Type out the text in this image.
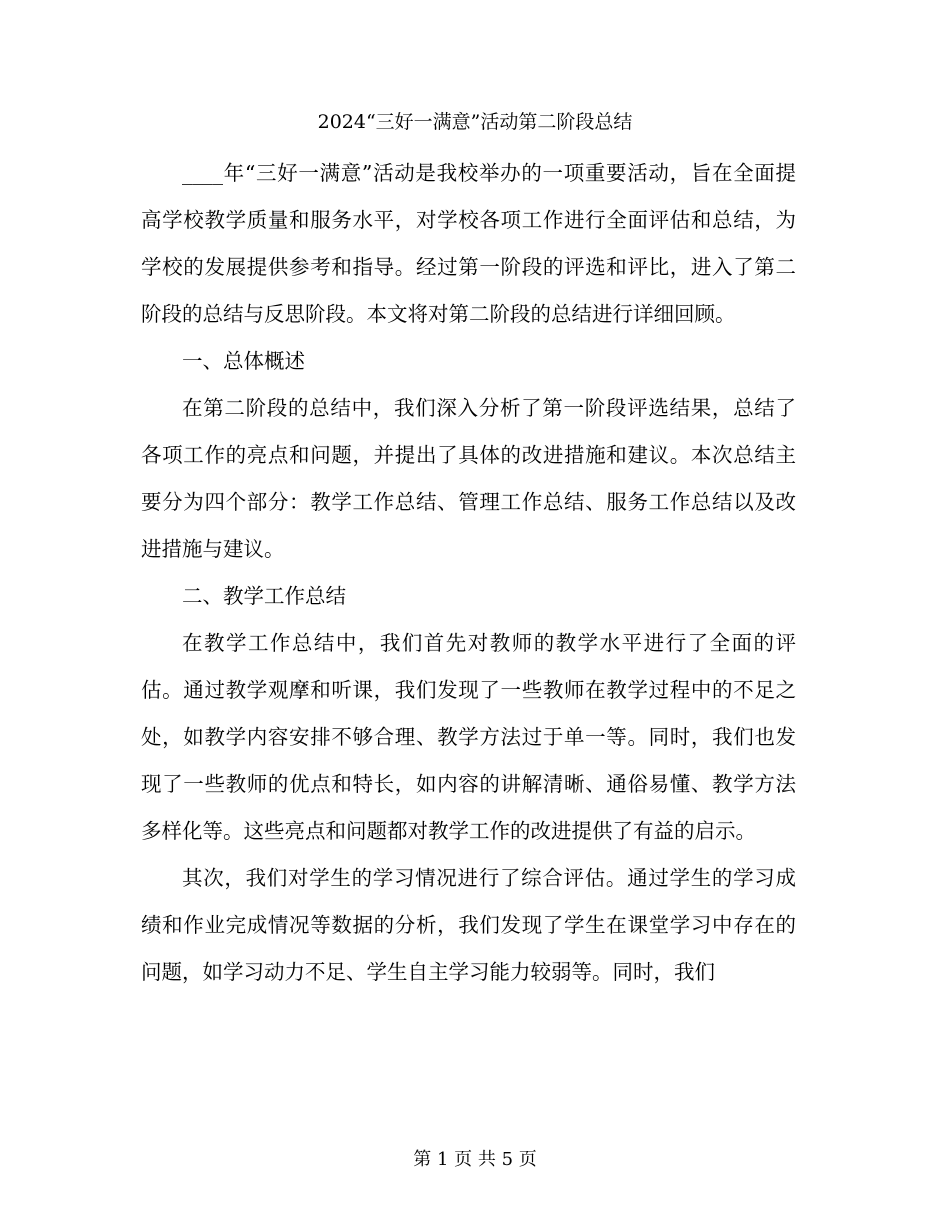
2024“三好一满意”活动第二阶段总结

____年“三好一满意”活动是我校举办的一项重要活动，旨在全面提高学校教学质量和服务水平，对学校各项工作进行全面评估和总结，为学校的发展提供参考和指导。经过第一阶段的评选和评比，进入了第二阶段的总结与反思阶段。本文将对第二阶段的总结进行详细回顾。

一、总体概述

在第二阶段的总结中，我们深入分析了第一阶段评选结果，总结了各项工作的亮点和问题，并提出了具体的改进措施和建议。本次总结主要分为四个部分：教学工作总结、管理工作总结、服务工作总结以及改进措施与建议。

二、教学工作总结

在教学工作总结中，我们首先对教师的教学水平进行了全面的评估。通过教学观摩和听课，我们发现了一些教师在教学过程中的不足之处，如教学内容安排不够合理、教学方法过于单一等。同时，我们也发现了一些教师的优点和特长，如内容的讲解清晰、通俗易懂、教学方法多样化等。这些亮点和问题都对教学工作的改进提供了有益的启示。

其次，我们对学生的学习情况进行了综合评估。通过学生的学习成绩和作业完成情况等数据的分析，我们发现了学生在课堂学习中存在的问题，如学习动力不足、学生自主学习能力较弱等。同时，我们

第 1 页 共 5 页
